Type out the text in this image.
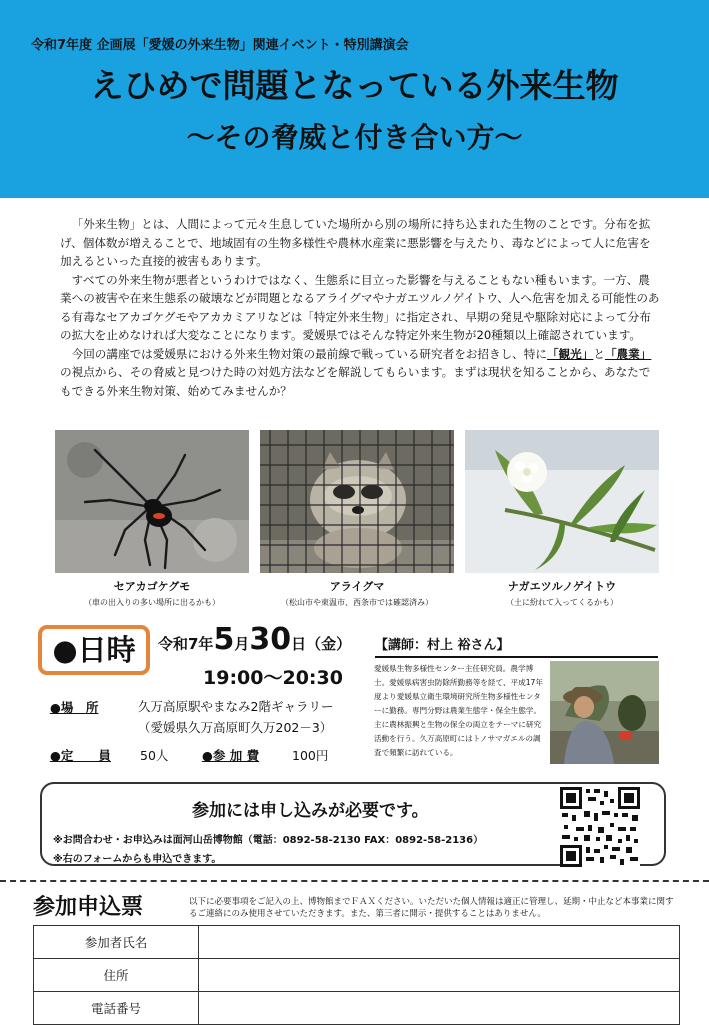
令和7年度 企画展「愛媛の外来生物」関連イベント・特別講演会
えひめで問題となっている外来生物
〜その脅威と付き合い方〜

「外来生物」とは、人間によって元々生息していた場所から別の場所に持ち込まれた生物のことです。分布を拡げ、個体数が増えることで、地域固有の生物多様性や農林水産業に悪影響を与えたり、毒などによって人に危害を加えるといった直接的被害もあります。

すべての外来生物が悪者というわけではなく、生態系に目立った影響を与えることもない種もいます。一方、農業への被害や在来生態系の破壊などが問題となるアライグマやナガエツルノゲイトウ、人へ危害を加える可能性のある有毒なセアカゴケグモやアカカミアリなどは「特定外来生物」に指定され、早期の発見や駆除対応によって分布の拡大を止めなければ大変なことになります。愛媛県ではそんな特定外来生物が20種類以上確認されています。

今回の講座では愛媛県における外来生物対策の最前線で戦っている研究者をお招きし、特に「観光」と「農業」の視点から、その脅威と見つけた時の対処方法などを解説してもらいます。まずは現状を知ることから、あなたでもできる外来生物対策、始めてみませんか？

セアカゴケグモ
（車の出入りの多い場所に出るかも）
アライグマ
（松山市や東温市、西条市では確認済み）
ナガエツルノゲイトウ
（土に紛れて入ってくるかも）
●日時	令和7年5月30日（金）
19:00〜20:30
●場　所	久万高原駅やまなみ2階ギャラリー
（愛媛県久万高原町久万202－3）
●定　　員 50人	●参 加 費	100円
【講師：村上 裕さん】
愛媛県生物多様性センター主任研究員。農学博士。愛媛県病害虫防除所勤務等を経て、平成17年度より愛媛県立衛生環境研究所生物多様性センターに勤務。専門分野は農業生態学・保全生態学。主に農林振興と生物の保全の両立をテーマに研究活動を行う。久万高原町にはトノサマガエルの調査で頻繁に訪れている。
参加には申し込みが必要です。
※お問合わせ・お申込みは面河山岳博物館（電話：0892-58-2130 FAX：0892-58-2136）
※右のフォームからも申込できます。
参加申込票	以下に必要事項をご記入の上、博物館までＦＡＸください。いただいた個人情報は適正に管理し、延期・中止など本事業に関するご連絡にのみ使用させていただきます。また、第三者に開示・提供することはありません。
参加者氏名	
住所	
電話番号	
